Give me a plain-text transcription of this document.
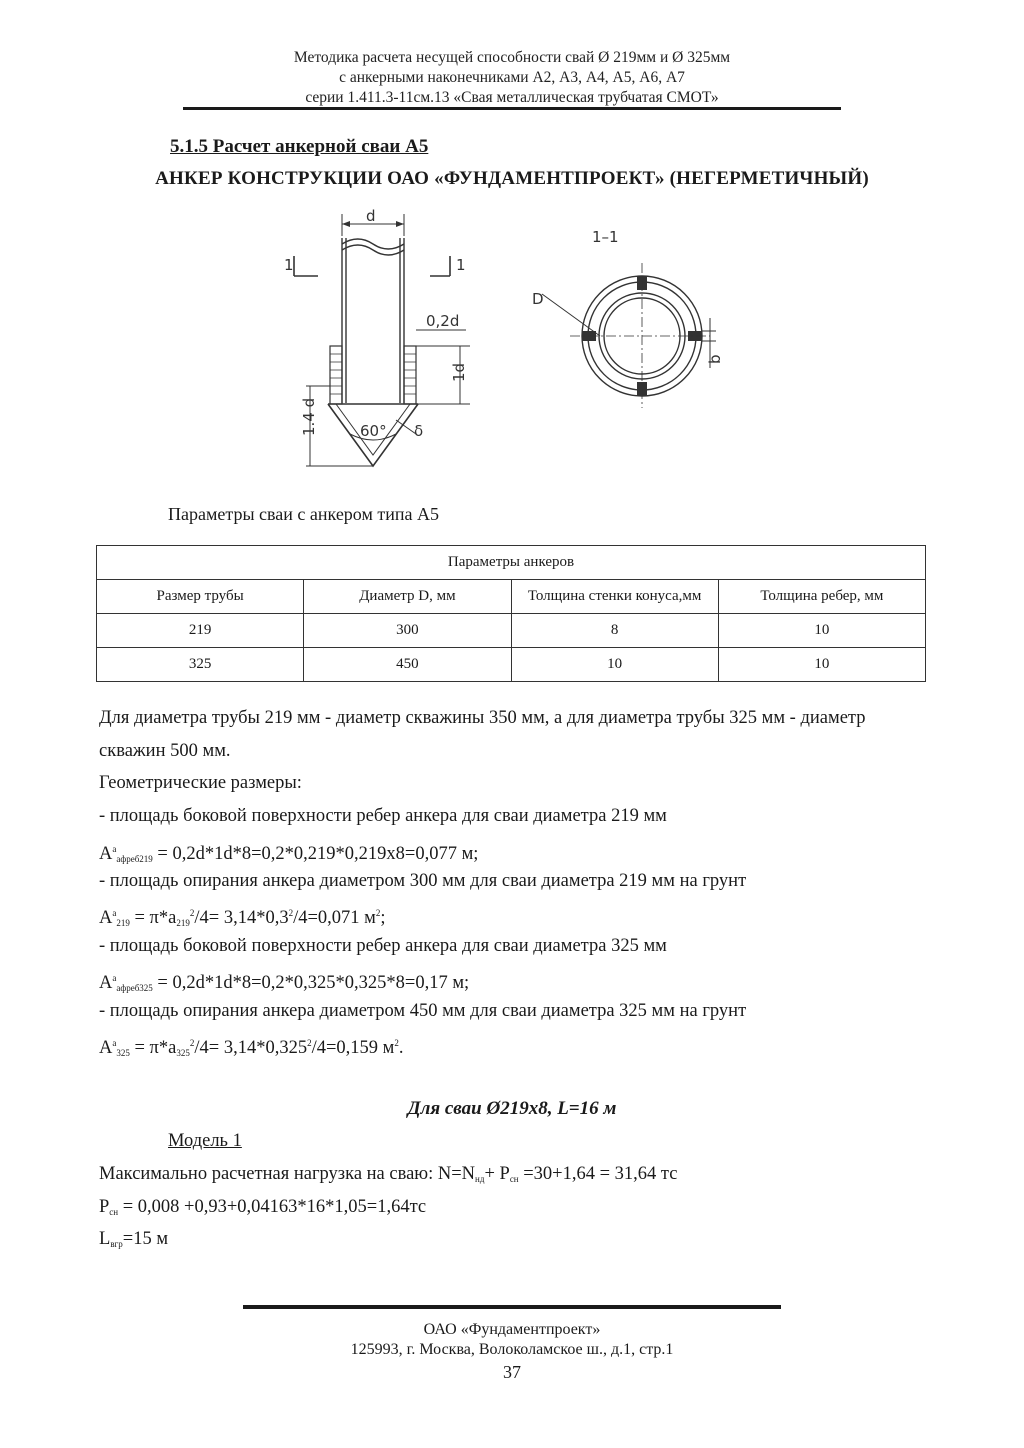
Методика расчета несущей способности свай Ø 219мм и Ø 325мм
с анкерными наконечниками А2, А3, А4, А5, А6, А7
серии 1.411.3-11см.13 «Свая металлическая трубчатая СМОТ»
5.1.5 Расчет анкерной сваи А5
АНКЕР КОНСТРУКЦИИ ОАО «ФУНДАМЕНТПРОЕКТ» (НЕГЕРМЕТИЧНЫЙ)
d
1	1
0,2d
1d
1.4 d	60° δ
1–1
D
b
Параметры сваи с анкером типа А5
Параметры анкеров			
Размер трубы	Диаметр D, мм	Толщина стенки конуса,мм	Толщина ребер, мм
219	300	8	10
325	450	10	10
Для диаметра трубы 219 мм - диаметр скважины 350 мм, а для диаметра трубы 325 мм - диаметр
скважин 500 мм.
Геометрические размеры:
- площадь боковой поверхности ребер анкера для сваи диаметра 219 мм
$А^а_{афреб219} = 0,2d*1d*8=0,2*0,219*0,219х8=0,077$ м;
- площадь опирания анкера диаметром 300 мм для сваи диаметра 219 мм на грунт
$А^а_{219} = \pi*a_{219}^2/4= 3,14*0,3^2/4=0,071$ $м^2$;
- площадь боковой поверхности ребер анкера для сваи диаметра 325 мм
$А^а_{афреб325} = 0,2d*1d*8=0,2*0,325*0,325*8=0,17$ м;
- площадь опирания анкера диаметром 450 мм для сваи диаметра 325 мм на грунт
$А^а_{325} = \pi*a_{325}^2/4= 3,14*0,325^2/4=0,159$ $м^2$.
Для сваи Ø219х8, L=16 м
Модель 1
Максимально расчетная нагрузка на сваю: $N=N_{нд}+ P_{сн} =30+1,64 = 31,64$ тс
$Р_{сн} = 0,008 +0,93+0,04163*16*1,05=1,64тс$
$L_{вгр}=15$ м
ОАО «Фундаментпроект»
125993, г. Москва, Волоколамское ш., д.1, стр.1
37
